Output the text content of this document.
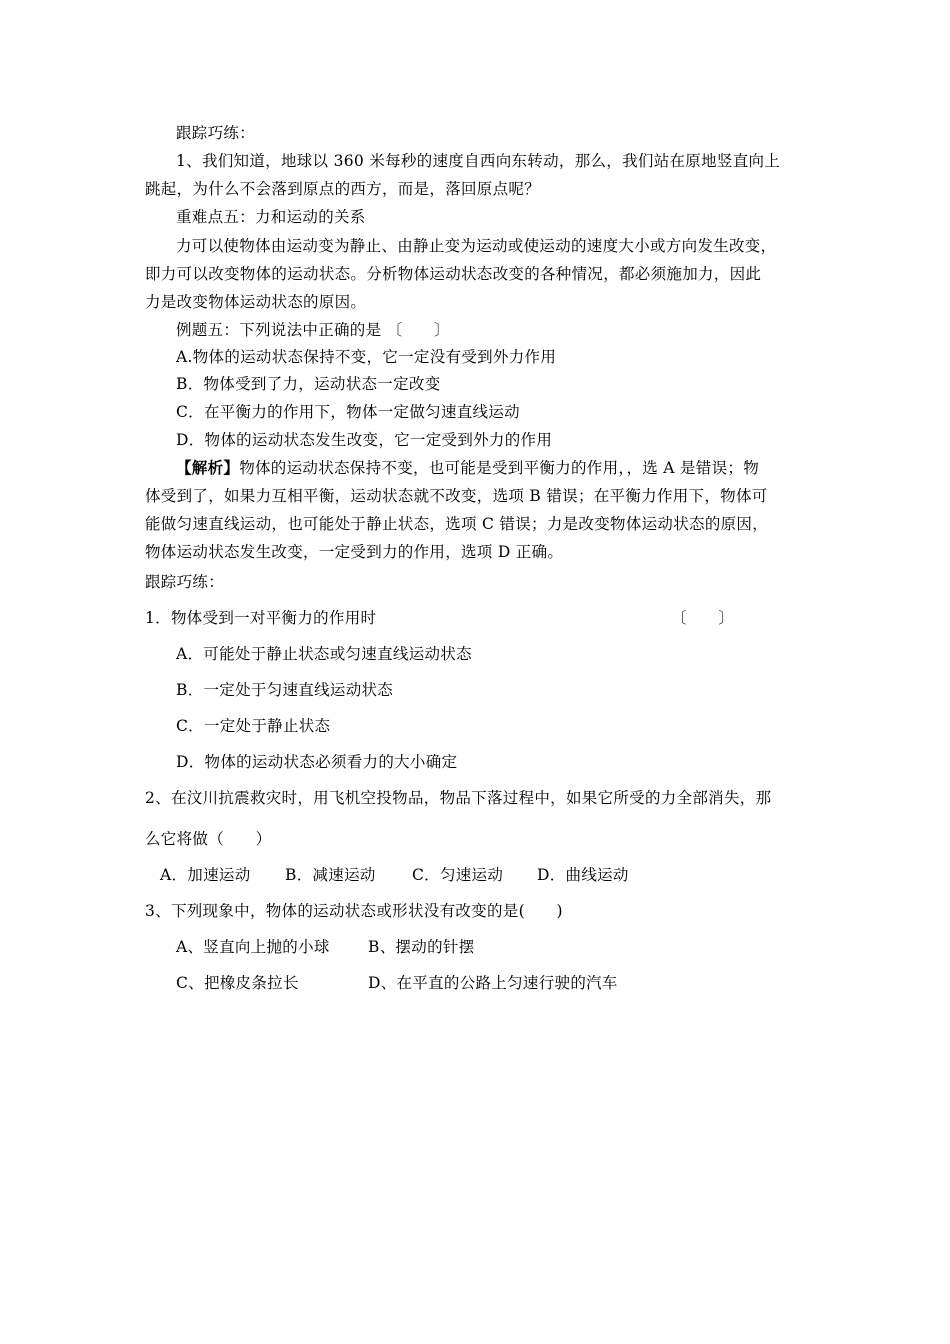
跟踪巧练：
1、我们知道，地球以 360 米每秒的速度自西向东转动，那么，我们站在原地竖直向上
跳起，为什么不会落到原点的西方，而是，落回原点呢？
重难点五：力和运动的关系
力可以使物体由运动变为静止、由静止变为运动或使运动的速度大小或方向发生改变，
即力可以改变物体的运动状态。分析物体运动状态改变的各种情况，都必须施加力，因此
力是改变物体运动状态的原因。
例题五：下列说法中正确的是 〔　　〕
A.物体的运动状态保持不变，它一定没有受到外力作用
B．物体受到了力，运动状态一定改变
C．在平衡力的作用下，物体一定做匀速直线运动
D．物体的运动状态发生改变，它一定受到外力的作用
【解析】物体的运动状态保持不变，也可能是受到平衡力的作用，，选 A 是错误；物
体受到了，如果力互相平衡，运动状态就不改变，选项 B 错误；在平衡力作用下，物体可
能做匀速直线运动，也可能处于静止状态，选项 C 错误；力是改变物体运动状态的原因，
物体运动状态发生改变，一定受到力的作用，选项 D 正确。
跟踪巧练：
1．物体受到一对平衡力的作用时	〔　　〕
A．可能处于静止状态或匀速直线运动状态
B．一定处于匀速直线运动状态
C．一定处于静止状态
D．物体的运动状态必须看力的大小确定
2、在汶川抗震救灾时，用飞机空投物品，物品下落过程中，如果它所受的力全部消失，那
么它将做（　　）
A．加速运动 B．减速运动 C．匀速运动 D．曲线运动
3、下列现象中，物体的运动状态或形状没有改变的是(　　)
A、竖直向上抛的小球 B、摆动的针摆
C、把橡皮条拉长	D、在平直的公路上匀速行驶的汽车
